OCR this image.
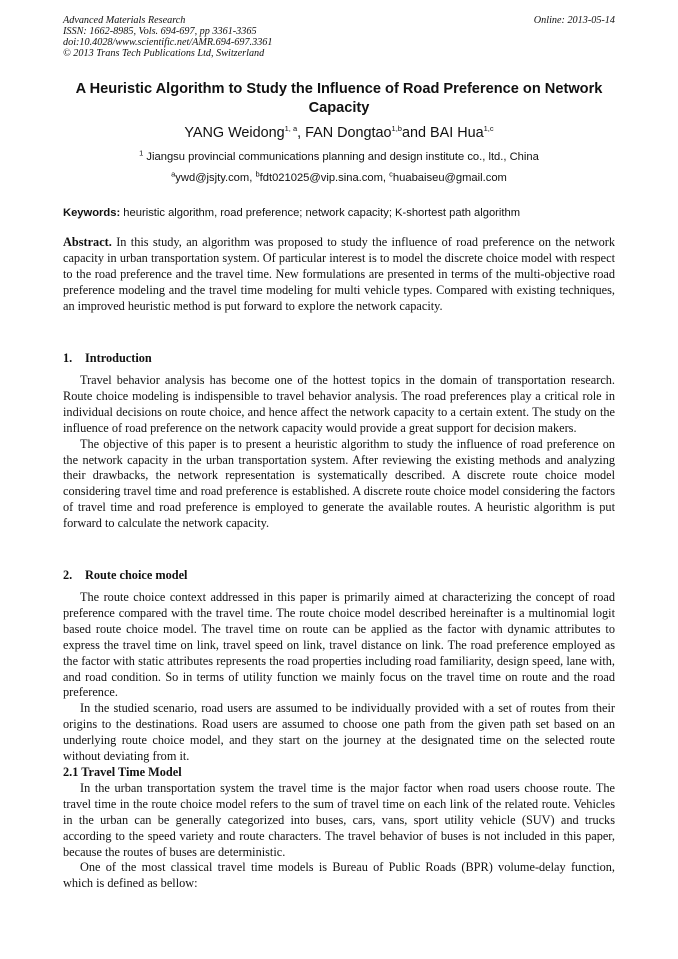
Advanced Materials Research
ISSN: 1662-8985, Vols. 694-697, pp 3361-3365
doi:10.4028/www.scientific.net/AMR.694-697.3361
© 2013 Trans Tech Publications Ltd, Switzerland
Online: 2013-05-14
A Heuristic Algorithm to Study the Influence of Road Preference on Network Capacity
YANG Weidong$^{1, a}$, FAN Dongtao$^{1,b}$and BAI Hua$^{1,c}$
$^1$ Jiangsu provincial communications planning and design institute co., ltd., China
$^a$ywd@jsjty.com, $^b$fdt021025@vip.sina.com, $^c$huabaiseu@gmail.com
Keywords: heuristic algorithm, road preference; network capacity; K-shortest path algorithm
Abstract. In this study, an algorithm was proposed to study the influence of road preference on the network capacity in urban transportation system. Of particular interest is to model the discrete choice model with respect to the road preference and the travel time. New formulations are presented in terms of the multi-objective road preference modeling and the travel time modeling for multi vehicle types. Compared with existing techniques, an improved heuristic method is put forward to explore the network capacity.
1. Introduction

Travel behavior analysis has become one of the hottest topics in the domain of transportation research. Route choice modeling is indispensible to travel behavior analysis. The road preferences play a critical role in individual decisions on route choice, and hence affect the network capacity to a certain extent. The study on the influence of road preference on the network capacity would provide a great support for decision makers.

The objective of this paper is to present a heuristic algorithm to study the influence of road preference on the network capacity in the urban transportation system. After reviewing the existing methods and analyzing their drawbacks, the network representation is systematically described. A discrete route choice model considering travel time and road preference is established. A discrete route choice model considering the factors of travel time and road preference is employed to generate the available routes. A heuristic algorithm is put forward to calculate the network capacity.

2. Route choice model

The route choice context addressed in this paper is primarily aimed at characterizing the concept of road preference compared with the travel time. The route choice model described hereinafter is a multinomial logit based route choice model. The travel time on route can be applied as the factor with dynamic attributes to express the travel time on link, travel speed on link, travel distance on link. The road preference employed as the factor with static attributes represents the road properties including road familiarity, design speed, lane with, and road condition. So in terms of utility function we mainly focus on the travel time on route and the road preference.

In the studied scenario, road users are assumed to be individually provided with a set of routes from their origins to the destinations. Road users are assumed to choose one path from the given path set based on an underlying route choice model, and they start on the journey at the designated time on the selected route without deviating from it.

2.1 Travel Time Model

In the urban transportation system the travel time is the major factor when road users choose route. The travel time in the route choice model refers to the sum of travel time on each link of the related route. Vehicles in the urban can be generally categorized into buses, cars, vans, sport utility vehicle (SUV) and trucks according to the speed variety and route characters. The travel behavior of buses is not included in this paper, because the routes of buses are deterministic.

One of the most classical travel time models is Bureau of Public Roads (BPR) volume-delay function, which is defined as bellow:
